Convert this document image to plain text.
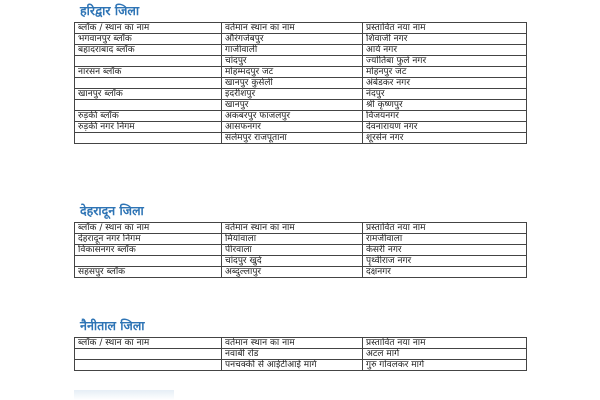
हरिद्वार जिला
ब्लॉक / स्थान का नाम	वर्तमान स्थान का नाम	प्रस्तावित नया नाम
भगवानपुर ब्लॉक	औरंगजेबपुर	शिवाजी नगर
बहादराबाद ब्लॉक	गाजीवाली	आर्य नगर
	चांदपुर	ज्योतिबा फुले नगर
नारसन ब्लॉक	मोहम्मदपुर जट	मोहनपुर जट
	खानपुर कुर्सली	अंबेडकर नगर
खानपुर ब्लॉक	इदरीशपुर	नंदपुर
	खानपुर	श्री कृष्णपुर
रुड़की ब्लॉक	अकबरपुर फाजलपुर	विजयनगर
रुड़की नगर निगम	आसफनगर	देवनारायण नगर
	सलेमपुर राजपूताना	शूरसेन नगर
देहरादून जिला
ब्लॉक / स्थान का नाम	वर्तमान स्थान का नाम	प्रस्तावित नया नाम
देहरादून नगर निगम	मियांवाला	रामजीवाला
विकासनगर ब्लॉक	पीरवाला	केसरी नगर
	चांदपुर खुर्द	पृथ्वीराज नगर
सहसपुर ब्लॉक	अब्दुल्लापुर	दक्षनगर
नैनीताल जिला
ब्लॉक / स्थान का नाम	वर्तमान स्थान का नाम	प्रस्तावित नया नाम
	नवाबी रोड	अटल मार्ग
	पनचक्की से आईटीआई मार्ग	गुरु गोवलकर मार्ग
